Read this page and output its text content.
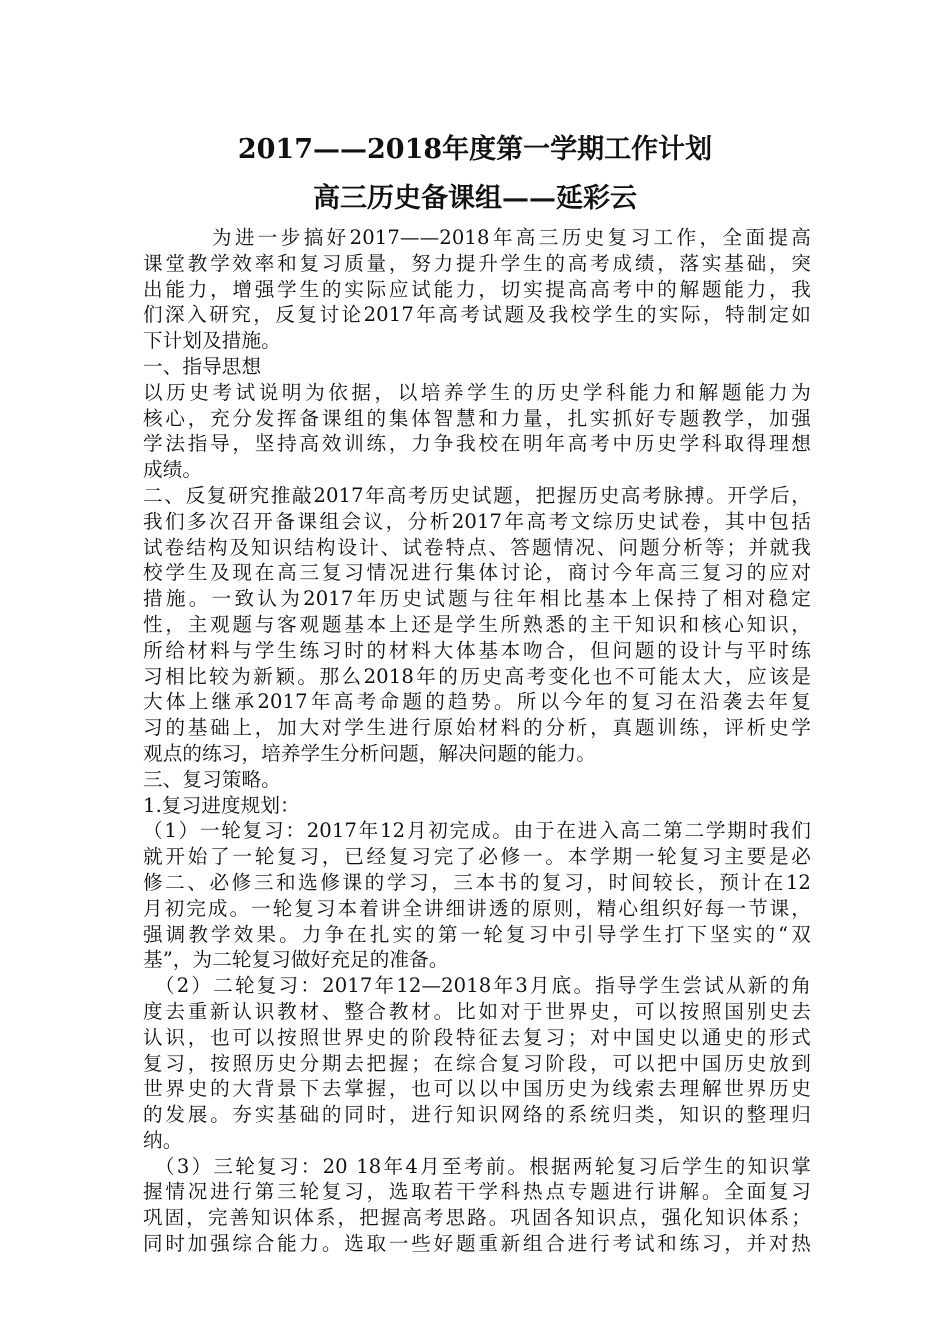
2017——2018年度第一学期工作计划
高三历史备课组——延彩云
　　　为进一步搞好2017——2018年高三历史复习工作，全面提高
课堂教学效率和复习质量，努力提升学生的高考成绩，落实基础，突
出能力，增强学生的实际应试能力，切实提高高考中的解题能力，我
们深入研究，反复讨论2017年高考试题及我校学生的实际，特制定如
下计划及措施。
一、指导思想
以历史考试说明为依据，以培养学生的历史学科能力和解题能力为
核心，充分发挥备课组的集体智慧和力量，扎实抓好专题教学，加强
学法指导，坚持高效训练，力争我校在明年高考中历史学科取得理想
成绩。
二、反复研究推敲2017年高考历史试题，把握历史高考脉搏。开学后，
我们多次召开备课组会议，分析2017年高考文综历史试卷，其中包括
试卷结构及知识结构设计、试卷特点、答题情况、问题分析等；并就我
校学生及现在高三复习情况进行集体讨论，商讨今年高三复习的应对
措施。一致认为2017年历史试题与往年相比基本上保持了相对稳定
性，主观题与客观题基本上还是学生所熟悉的主干知识和核心知识，
所给材料与学生练习时的材料大体基本吻合，但问题的设计与平时练
习相比较为新颖。那么2018年的历史高考变化也不可能太大，应该是
大体上继承2017年高考命题的趋势。所以今年的复习在沿袭去年复
习的基础上，加大对学生进行原始材料的分析，真题训练，评析史学
观点的练习，培养学生分析问题，解决问题的能力。
三、复习策略。
1.复习进度规划：
（1）一轮复习：2017年12月初完成。由于在进入高二第二学期时我们
就开始了一轮复习，已经复习完了必修一。本学期一轮复习主要是必
修二、必修三和选修课的学习，三本书的复习，时间较长，预计在12
月初完成。一轮复习本着讲全讲细讲透的原则，精心组织好每一节课，
强调教学效果。力争在扎实的第一轮复习中引导学生打下坚实的“双
基”，为二轮复习做好充足的准备。
　（2）二轮复习：2017年12—2018年3月底。指导学生尝试从新的角
度去重新认识教材、整合教材。比如对于世界史，可以按照国别史去
认识，也可以按照世界史的阶段特征去复习；对中国史以通史的形式
复习，按照历史分期去把握；在综合复习阶段，可以把中国历史放到
世界史的大背景下去掌握，也可以以中国历史为线索去理解世界历史
的发展。夯实基础的同时，进行知识网络的系统归类，知识的整理归
纳。
　（3）三轮复习：20 18年4月至考前。根据两轮复习后学生的知识掌
握情况进行第三轮复习，选取若干学科热点专题进行讲解。全面复习
巩固，完善知识体系，把握高考思路。巩固各知识点，强化知识体系；
同时加强综合能力。选取一些好题重新组合进行考试和练习，并对热
